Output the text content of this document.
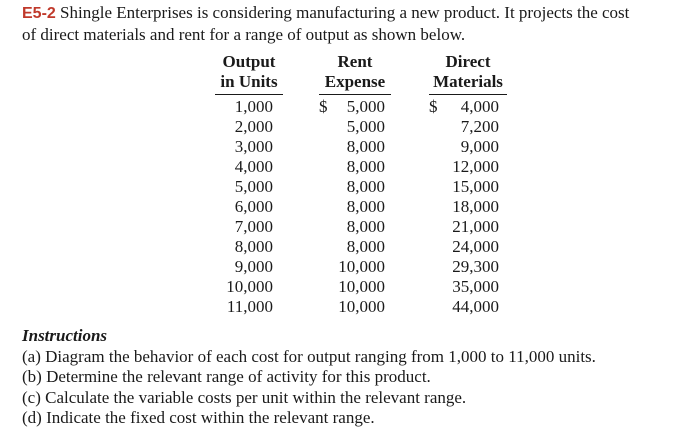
E5-2 Shingle Enterprises is considering manufacturing a new product. It projects the cost
of direct materials and rent for a range of output as shown below.
Output
in Units
1,000
2,000
3,000
4,000
5,000
6,000
7,000
8,000
9,000
10,000
11,000
Rent
Expense
$ 5,000
5,000
8,000
8,000
8,000
8,000
8,000
8,000
10,000
10,000
10,000
Direct
Materials
$ 4,000
7,200
9,000
12,000
15,000
18,000
21,000
24,000
29,300
35,000
44,000
Instructions
(a) Diagram the behavior of each cost for output ranging from 1,000 to 11,000 units.
(b) Determine the relevant range of activity for this product.
(c) Calculate the variable costs per unit within the relevant range.
(d) Indicate the fixed cost within the relevant range.
